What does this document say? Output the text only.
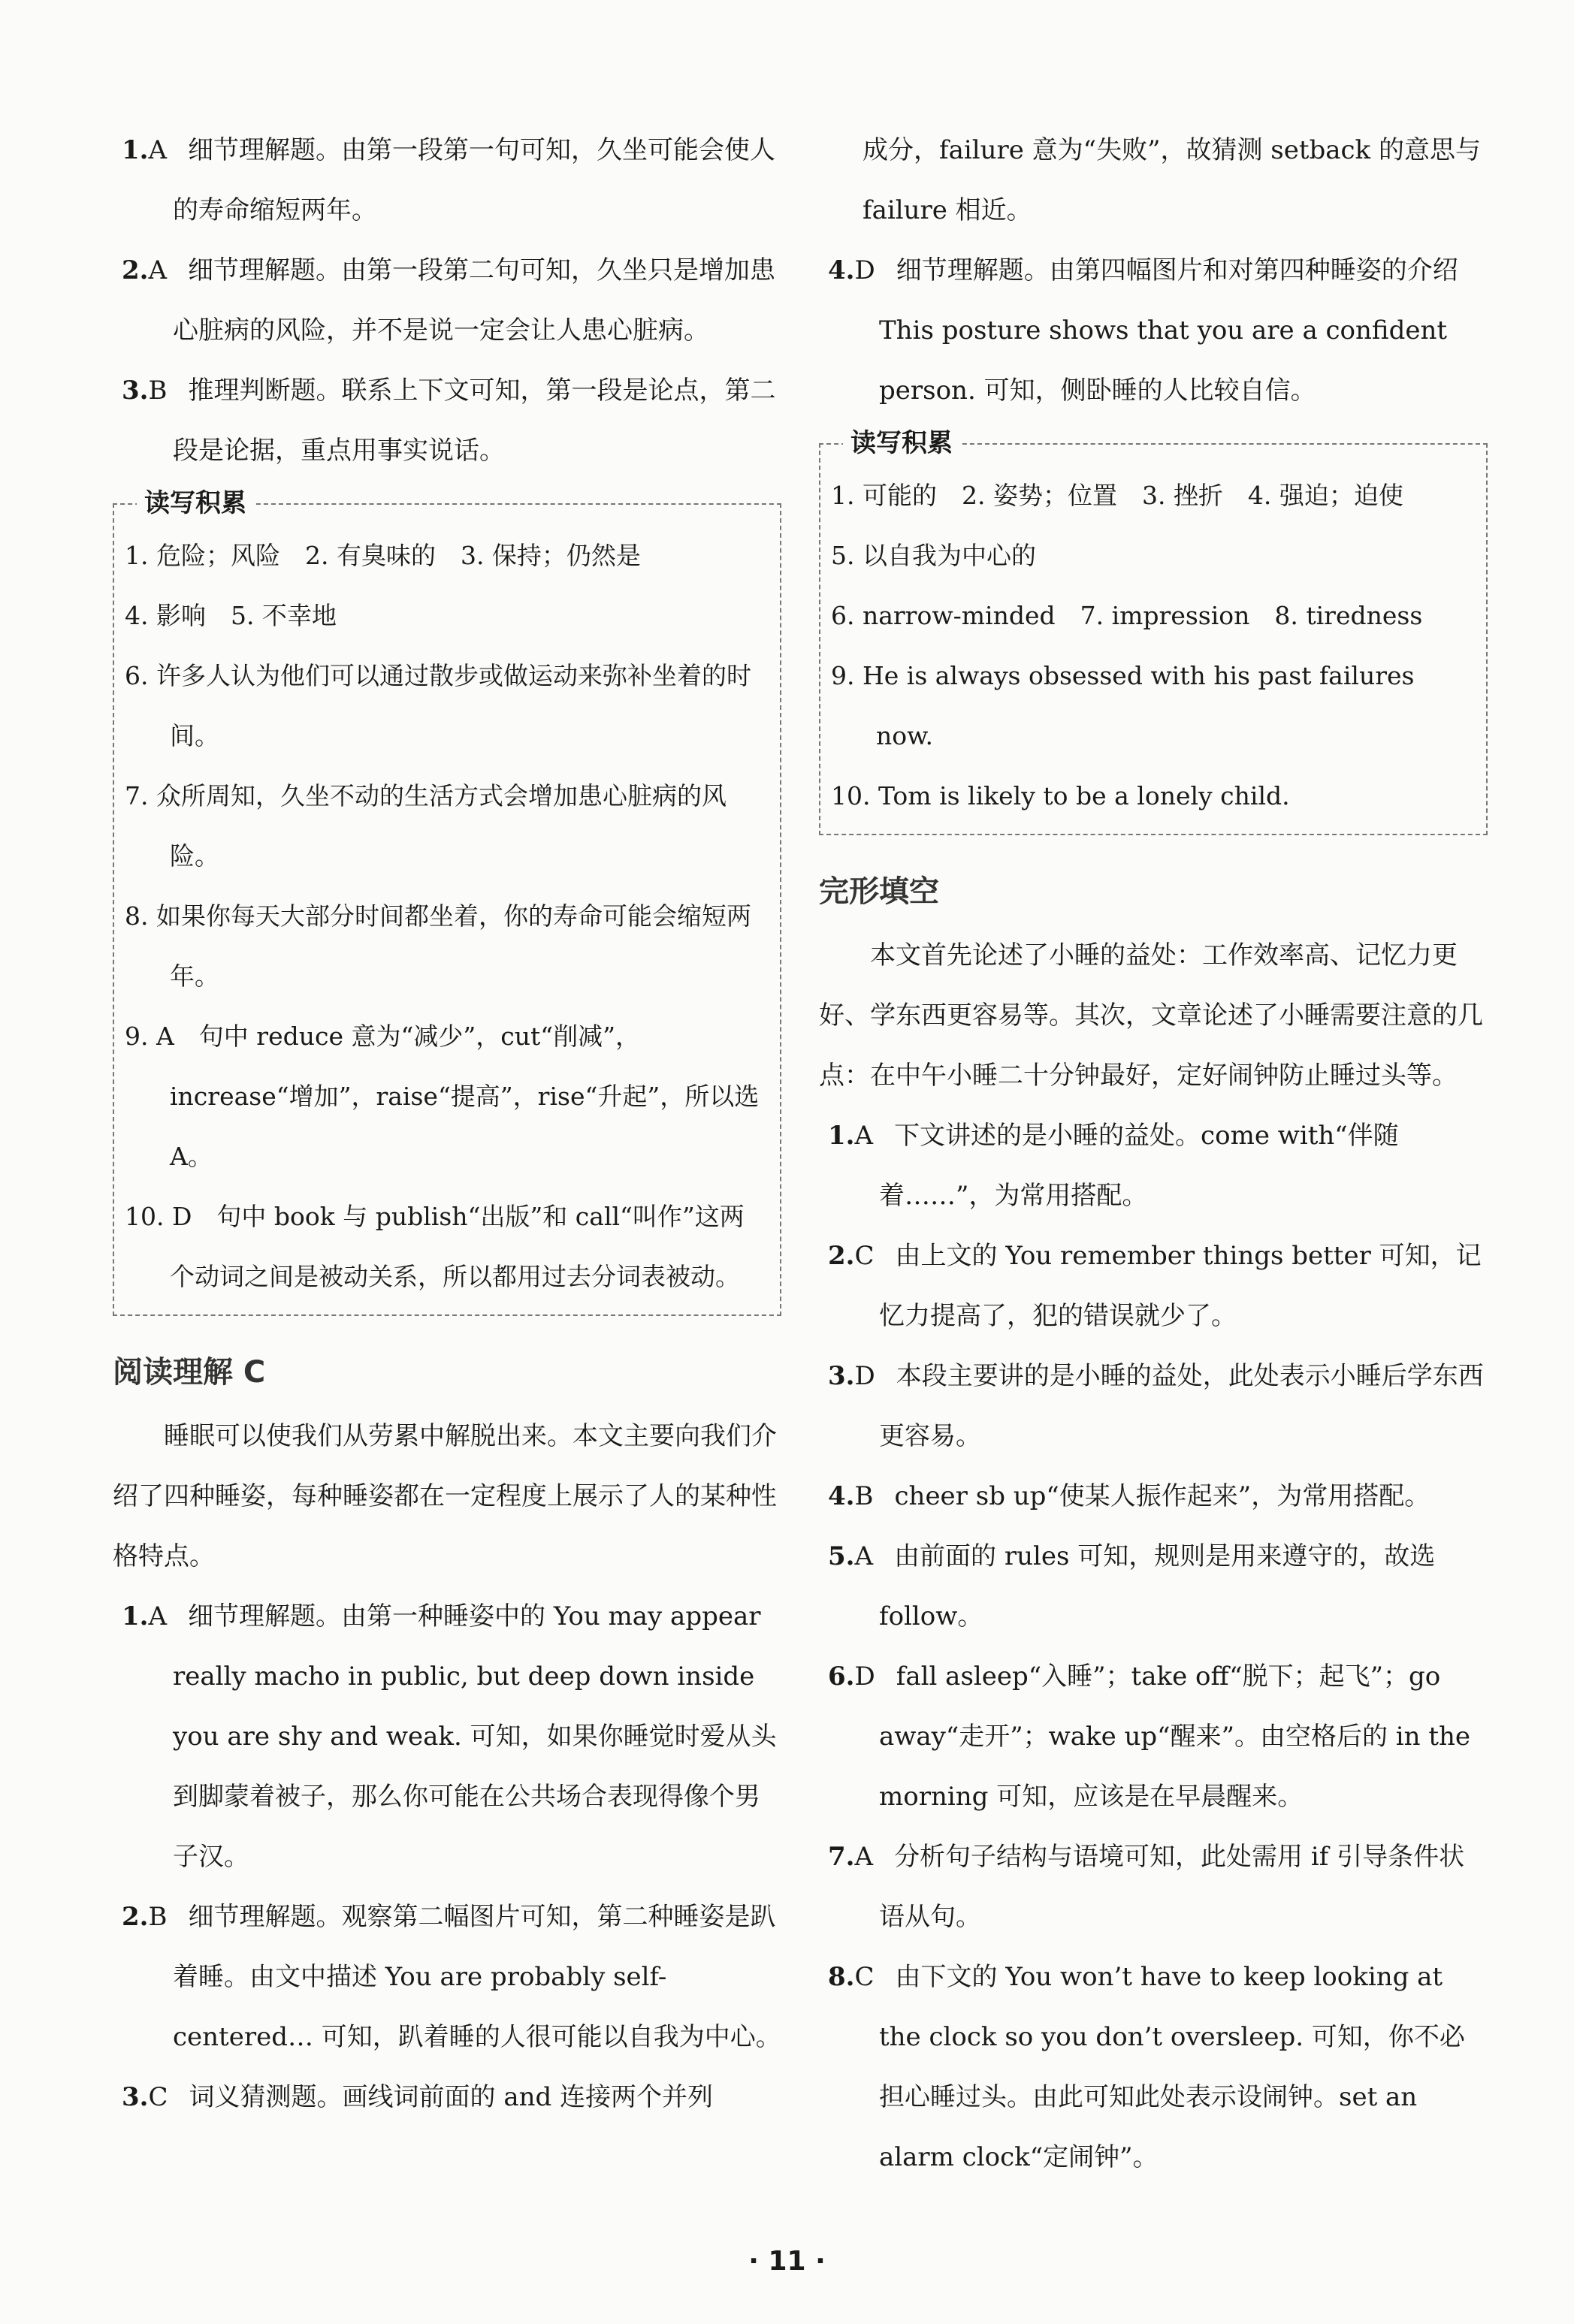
1.A 细节理解题。由第一段第一句可知，久坐可能会使人的寿命缩短两年。
2.A 细节理解题。由第一段第二句可知，久坐只是增加患心脏病的风险，并不是说一定会让人患心脏病。
3.B 推理判断题。联系上下文可知，第一段是论点，第二段是论据，重点用事实说话。
读写积累
1. 危险；风险　2. 有臭味的　3. 保持；仍然是
4. 影响　5. 不幸地
6. 许多人认为他们可以通过散步或做运动来弥补坐着的时间。
7. 众所周知，久坐不动的生活方式会增加患心脏病的风险。
8. 如果你每天大部分时间都坐着，你的寿命可能会缩短两年。
9. A　句中 reduce 意为“减少”，cut“削减”，increase“增加”，raise“提高”，rise“升起”，所以选 A。
10. D　句中 book 与 publish“出版”和 call“叫作”这两个动词之间是被动关系，所以都用过去分词表被动。
阅读理解 C

睡眠可以使我们从劳累中解脱出来。本文主要向我们介绍了四种睡姿，每种睡姿都在一定程度上展示了人的某种性格特点。

1.A 细节理解题。由第一种睡姿中的 You may appear really macho in public, but deep down inside you are shy and weak. 可知，如果你睡觉时爱从头到脚蒙着被子，那么你可能在公共场合表现得像个男子汉。
2.B 细节理解题。观察第二幅图片可知，第二种睡姿是趴着睡。由文中描述 You are probably self-centered… 可知，趴着睡的人很可能以自我为中心。
3.C 词义猜测题。画线词前面的 and 连接两个并列
成分，failure 意为“失败”，故猜测 setback 的意思与 failure 相近。
4.D 细节理解题。由第四幅图片和对第四种睡姿的介绍 This posture shows that you are a confident person. 可知，侧卧睡的人比较自信。
读写积累
1. 可能的　2. 姿势；位置　3. 挫折　4. 强迫；迫使
5. 以自我为中心的
6. narrow-minded　7. impression　8. tiredness
9. He is always obsessed with his past failures now.
10. Tom is likely to be a lonely child.
完形填空

本文首先论述了小睡的益处：工作效率高、记忆力更好、学东西更容易等。其次，文章论述了小睡需要注意的几点：在中午小睡二十分钟最好，定好闹钟防止睡过头等。

1.A 下文讲述的是小睡的益处。come with“伴随着……”，为常用搭配。
2.C 由上文的 You remember things better 可知，记忆力提高了，犯的错误就少了。
3.D 本段主要讲的是小睡的益处，此处表示小睡后学东西更容易。
4.B cheer sb up“使某人振作起来”，为常用搭配。
5.A 由前面的 rules 可知，规则是用来遵守的，故选 follow。
6.D fall asleep“入睡”；take off“脱下；起飞”；go away“走开”；wake up“醒来”。由空格后的 in the morning 可知，应该是在早晨醒来。
7.A 分析句子结构与语境可知，此处需用 if 引导条件状语从句。
8.C 由下文的 You won’t have to keep looking at the clock so you don’t oversleep. 可知，你不必担心睡过头。由此可知此处表示设闹钟。set an alarm clock“定闹钟”。
· 11 ·
